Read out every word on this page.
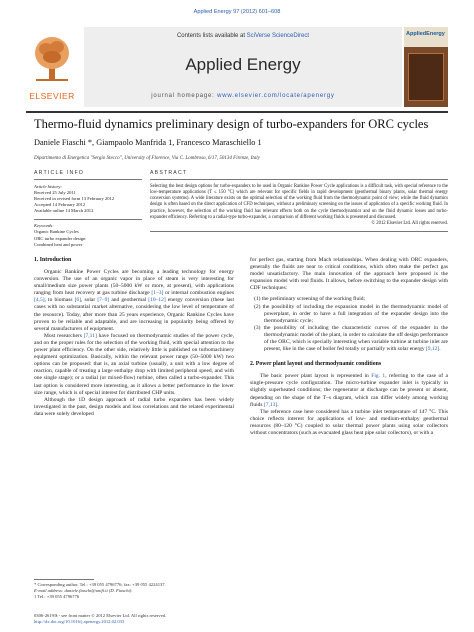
Applied Energy 97 (2012) 601–608
ELSEVIER
Contents lists available at SciVerse ScienceDirect
Applied Energy
journal homepage: www.elsevier.com/locate/apenergy
AppliedEnergy
Thermo-fluid dynamics preliminary design of turbo-expanders for ORC cycles
Daniele Fiaschi *, Giampaolo Manfrida 1, Francesco Maraschiello 1
Dipartimento di Energetica "Sergio Stecco", University of Florence, Via C. Lombroso, 6/17, 50134 Firenze, Italy
ARTICLE INFO
Article history:
Received 25 July 2011
Received in revised form 13 February 2012
Accepted 14 February 2012
Available online 14 March 2012
Keywords:
Organic Rankine Cycles
ORC turbo expander design
Combined heat and power
ABSTRACT
Selecting the best design options for turbo-expanders to be used in Organic Rankine Power Cycle applications is a difficult task, with special reference to the low-temperature applications (T ≤ 150 °C) which are relevant for specific fields in rapid development (geothermal binary plants, solar thermal energy conversion systems). A wide literature exists on the optimal selection of the working fluid from the thermodynamic point of view; while the fluid dynamics design is often based on the direct application of CFD techniques, without a preliminary screening on the issues of application of a specific working fluid. In practice, however, the selection of the working fluid has relevant effects both on the cycle thermodynamics and on the fluid dynamic losses and turbo-expander efficiency. Referring to a radial-type turbo-expander, a comparison of different working fluids is presented and discussed.
© 2012 Elsevier Ltd. All rights reserved.
1. Introduction

Organic Rankine Power Cycles are becoming a leading technology for energy conversion. The use of an organic vapor in place of steam is very interesting for small/medium size power plants (50–5000 kW or more, at present), with applications ranging from heat recovery at gas turbine discharge [1–3] or internal combustion engines [4,5], to biomass [6], solar [7–9] and geothermal [10–12] energy conversion (these last cases with no substantial market alternative, considering the low level of temperature of the resource). Today, after more than 25 years experience, Organic Rankine Cycles have proven to be reliable and adaptable, and are increasing in popularity being offered by several manufacturers of equipment.

Most researchers [7,11] have focused on thermodynamic studies of the power cycle, and on the proper rules for the selection of the working fluid, with special attention to the power plant efficiency. On the other side, relatively little is published on turbomachinery equipment optimization. Basically, within the relevant power range (50–5000 kW) two options can be proposed: that is, an axial turbine (usually, a unit with a low degree of reaction, capable of treating a large enthalpy drop with limited peripheral speed, and with one single stage); or a radial (or mixed-flow) turbine, often called a turbo-expander. This last option is considered more interesting, as it allows a better performance in the lower size range, which is of special interest for distributed CHP units.

Although the 1D design approach of radial turbo expanders has been widely investigated in the past, design models and loss correlations and the related experimental data were solely developed

* Corresponding author. Tel.: +39 055 4796776; fax: +39 055 4224137.
E-mail address: daniele.fiaschi@unifi.it (D. Fiaschi).
1 Tel.: +39 055 4796776
0306-2619/$ - see front matter © 2012 Elsevier Ltd. All rights reserved.
http://dx.doi.org/10.1016/j.apenergy.2012.02.033

for perfect gas, starting from Mach relationships. When dealing with ORC expanders, generally the fluids are near to critical conditions, which often make the perfect gas model unsatisfactory. The main innovation of the approach here proposed is the expansion model with real fluids. It allows, before switching to the expander design with CDF techniques:

(1) the preliminary screening of the working fluid;
(2) the possibility of including the expansion model in the thermodynamic model of powerplant, in order to have a full integration of the expander design into the thermodynamic cycle;
(3) the possibility of including the characteristic curves of the expander in the thermodynamic model of the plant, in order to calculate the off design performance of the ORC, which is specially interesting when variable turbine at turbine inlet are present, like in the case of boiler fed totally or partially with solar energy [9,12].
2. Power plant layout and thermodynamic conditions

The basic power plant layout is represented in Fig. 1, referring to the case of a single-pressure cycle configuration. The micro-turbine expander inlet is typically in slightly superheated conditions; the regenerator at discharge can be present or absent, depending on the shape of the T–s diagram, which can differ widely among working fluids [7,13].

The reference case here considered has a turbine inlet temperature of 147 °C. This choice reflects interest for applications of low- and medium-enthalpy geothermal resources (80–120 °C) coupled to solar thermal power plants using solar collectors without concentrators (such as evacuated glass heat pipe solar collectors), or with a
